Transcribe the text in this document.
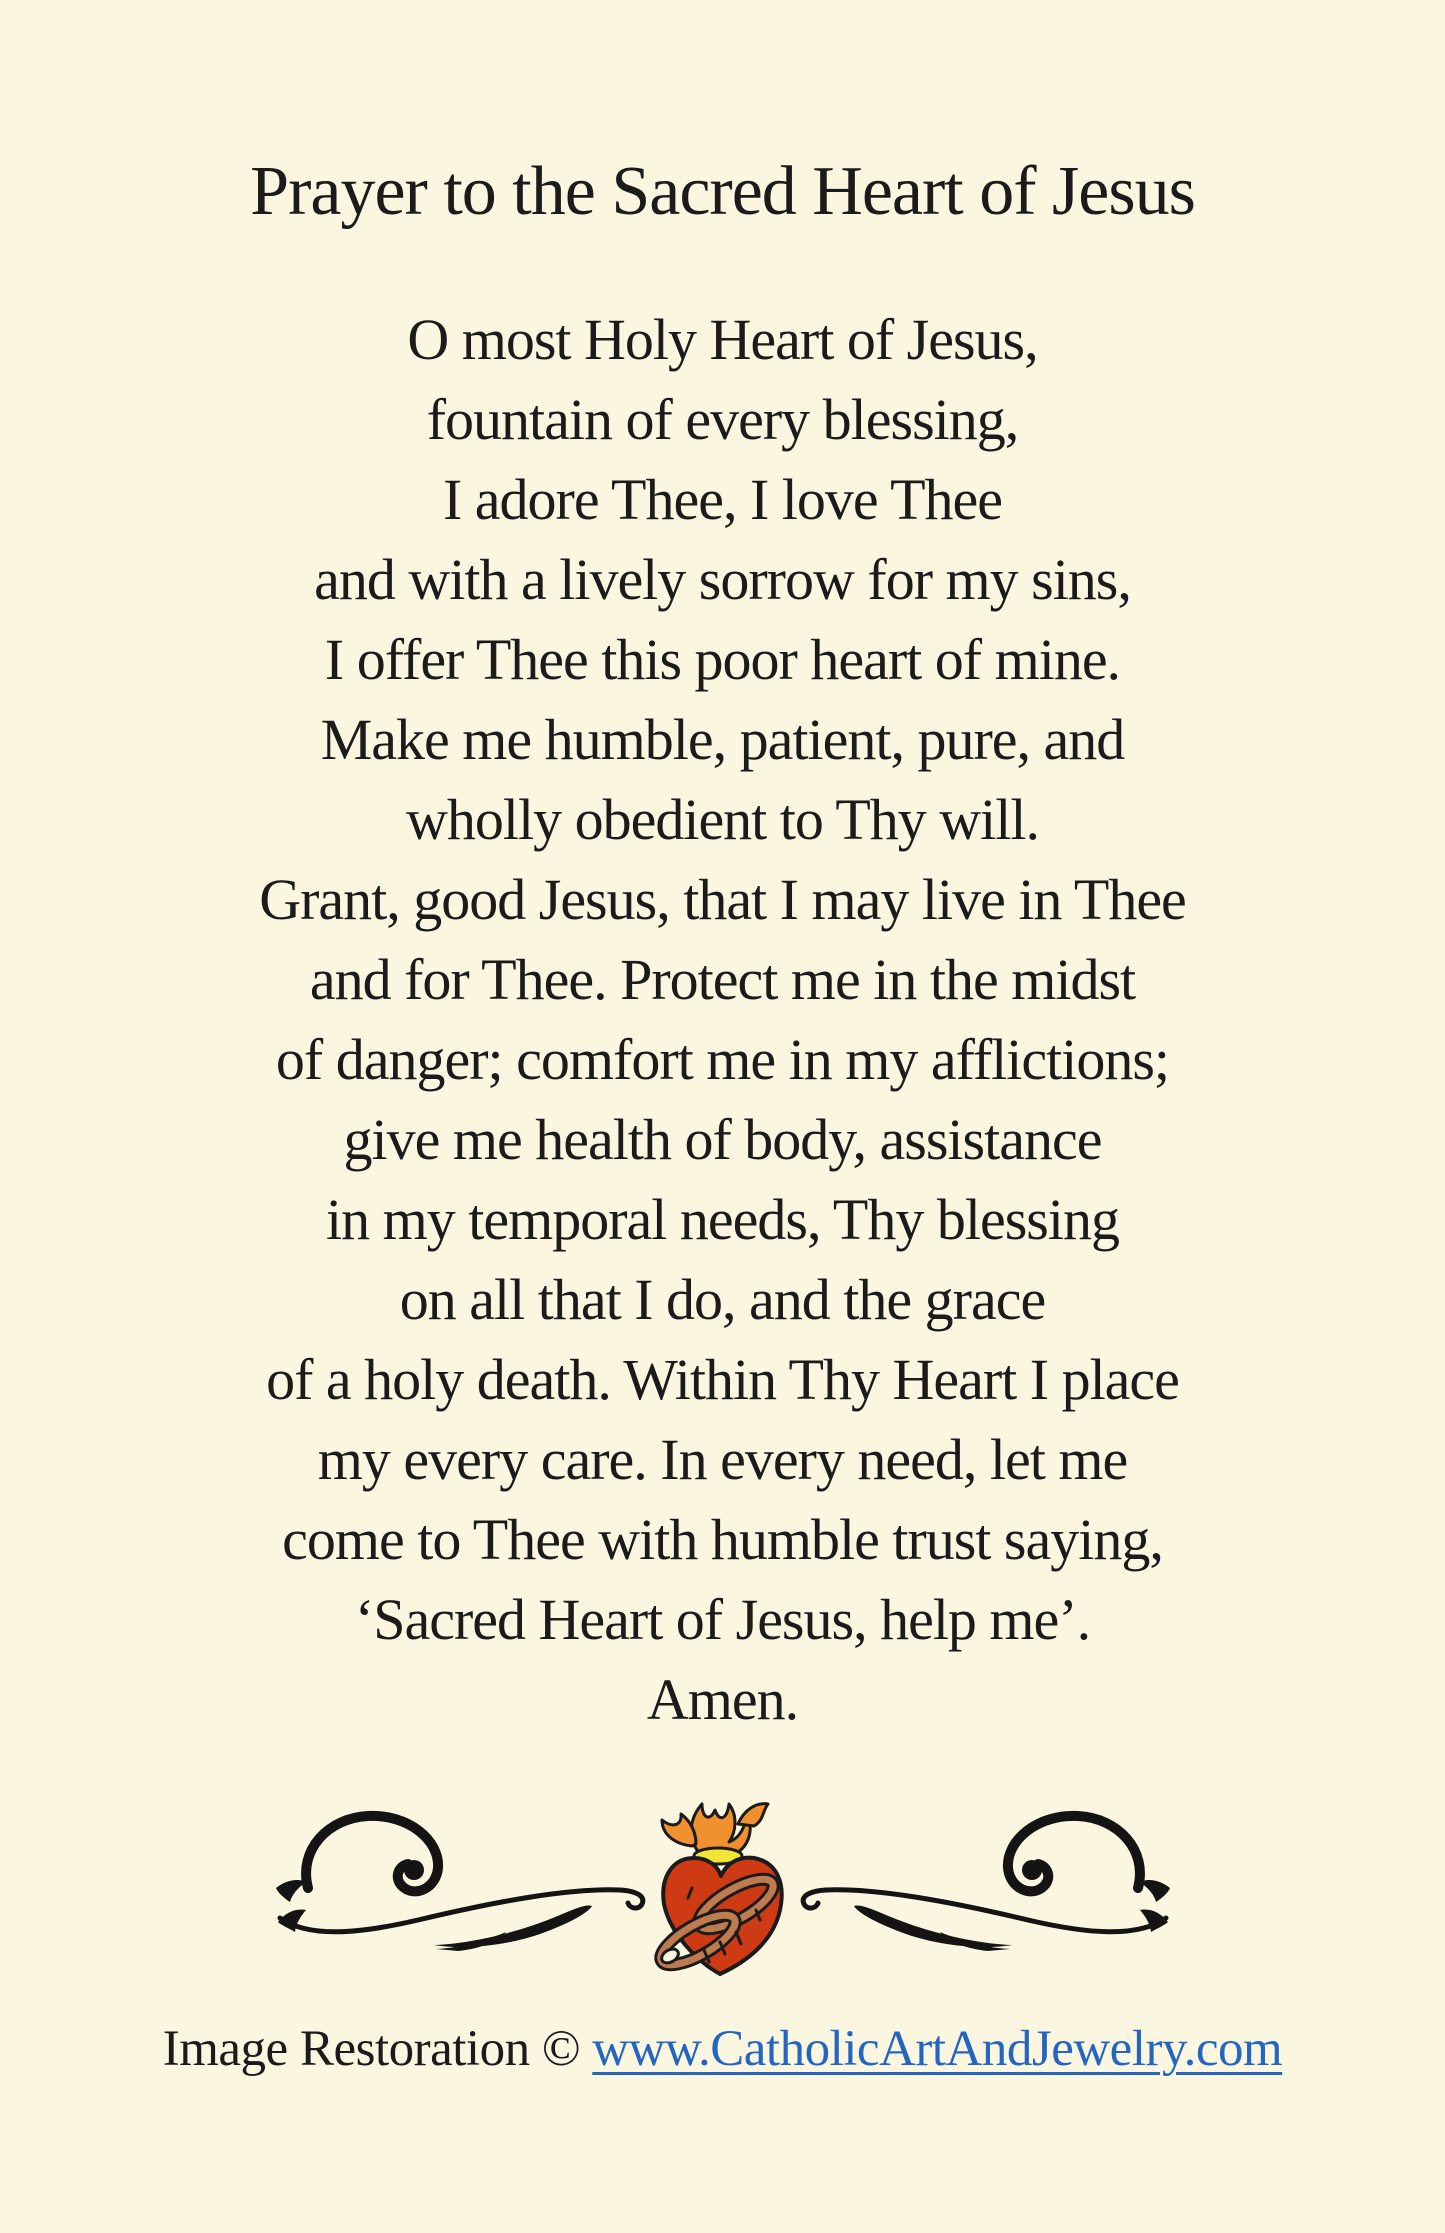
Prayer to the Sacred Heart of Jesus
O most Holy Heart of Jesus,
fountain of every blessing,
I adore Thee, I love Thee
and with a lively sorrow for my sins,
I offer Thee this poor heart of mine.
Make me humble, patient, pure, and
wholly obedient to Thy will.
Grant, good Jesus, that I may live in Thee
and for Thee. Protect me in the midst
of danger; comfort me in my afflictions;
give me health of body, assistance
in my temporal needs, Thy blessing
on all that I do, and the grace
of a holy death. Within Thy Heart I place
my every care. In every need, let me
come to Thee with humble trust saying,
‘Sacred Heart of Jesus, help me’.
Amen.
Image Restoration © www.CatholicArtAndJewelry.com
